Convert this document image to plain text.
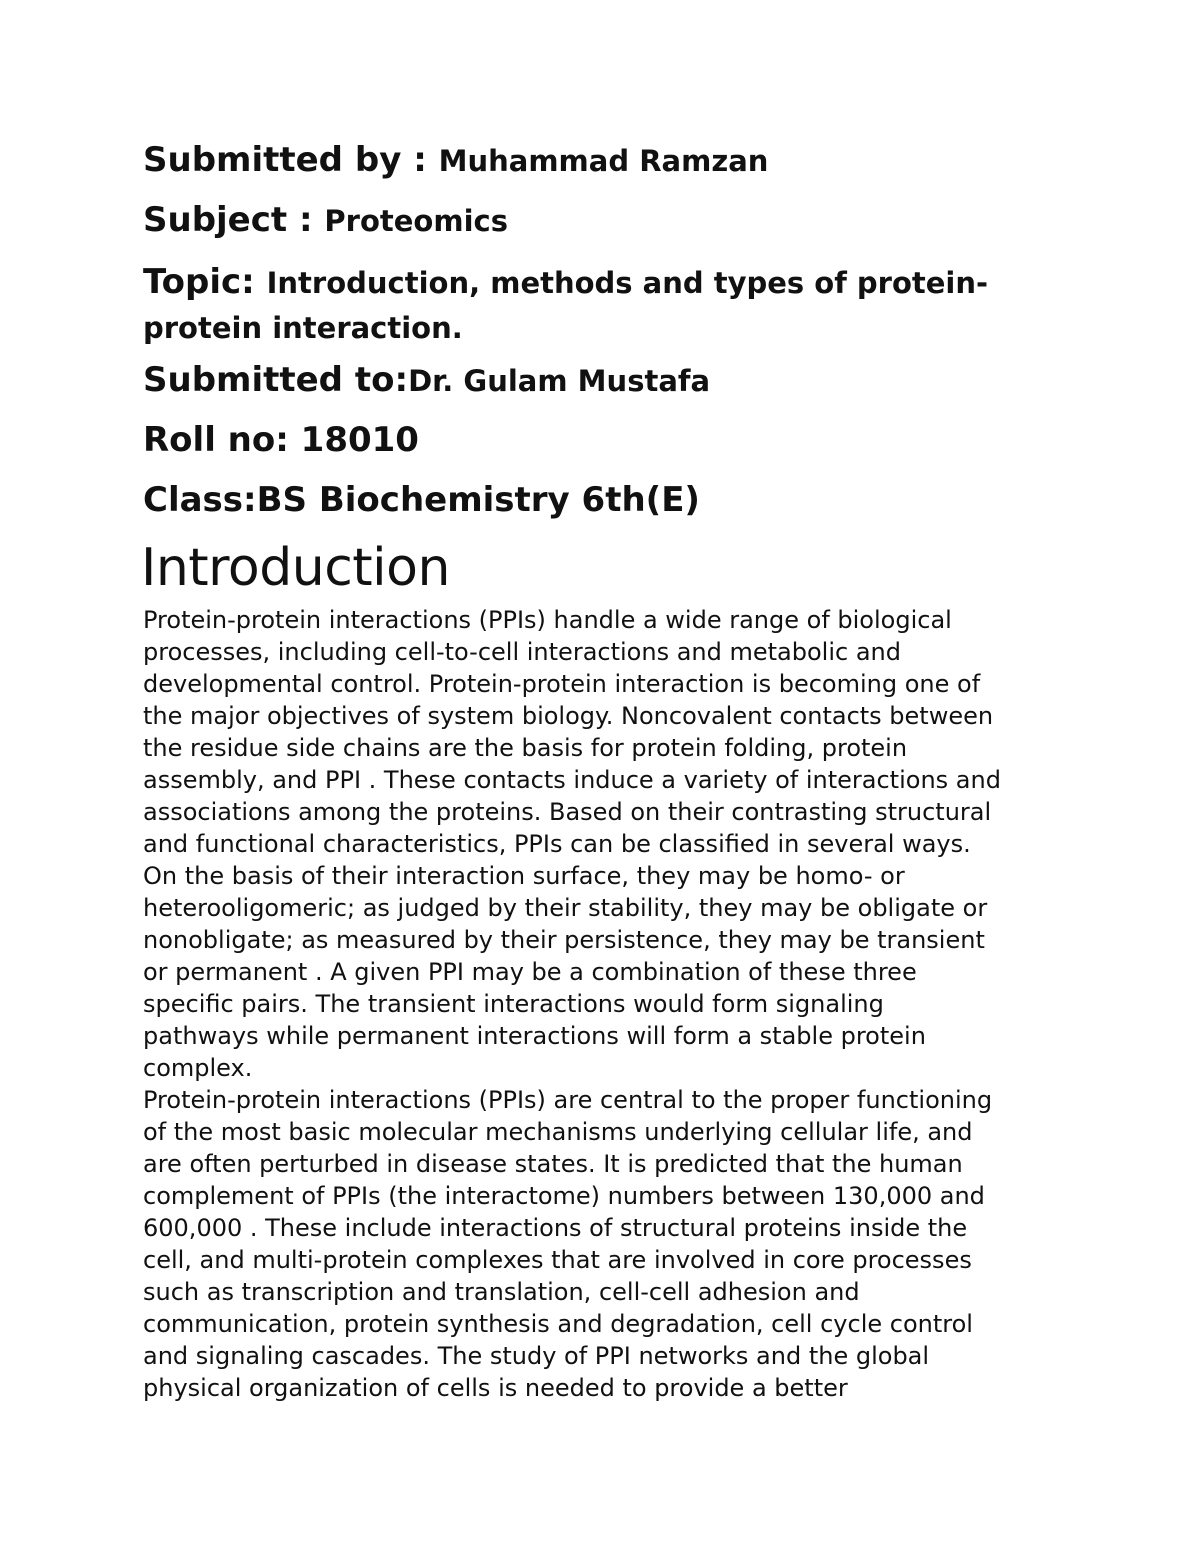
Submitted by : Muhammad Ramzan
Subject : Proteomics
Topic: Introduction, methods and types of protein-
protein interaction.
Submitted to:Dr. Gulam Mustafa
Roll no: 18010
Class:BS Biochemistry 6th(E)
Introduction
Protein-protein interactions (PPIs) handle a wide range of biological
processes, including cell-to-cell interactions and metabolic and
developmental control. Protein-protein interaction is becoming one of
the major objectives of system biology. Noncovalent contacts between
the residue side chains are the basis for protein folding, protein
assembly, and PPI . These contacts induce a variety of interactions and
associations among the proteins. Based on their contrasting structural
and functional characteristics, PPIs can be classified in several ways.
On the basis of their interaction surface, they may be homo- or
heterooligomeric; as judged by their stability, they may be obligate or
nonobligate; as measured by their persistence, they may be transient
or permanent . A given PPI may be a combination of these three
specific pairs. The transient interactions would form signaling
pathways while permanent interactions will form a stable protein
complex.
Protein-protein interactions (PPIs) are central to the proper functioning
of the most basic molecular mechanisms underlying cellular life, and
are often perturbed in disease states. It is predicted that the human
complement of PPIs (the interactome) numbers between 130,000 and
600,000 . These include interactions of structural proteins inside the
cell, and multi-protein complexes that are involved in core processes
such as transcription and translation, cell-cell adhesion and
communication, protein synthesis and degradation, cell cycle control
and signaling cascades. The study of PPI networks and the global
physical organization of cells is needed to provide a better
